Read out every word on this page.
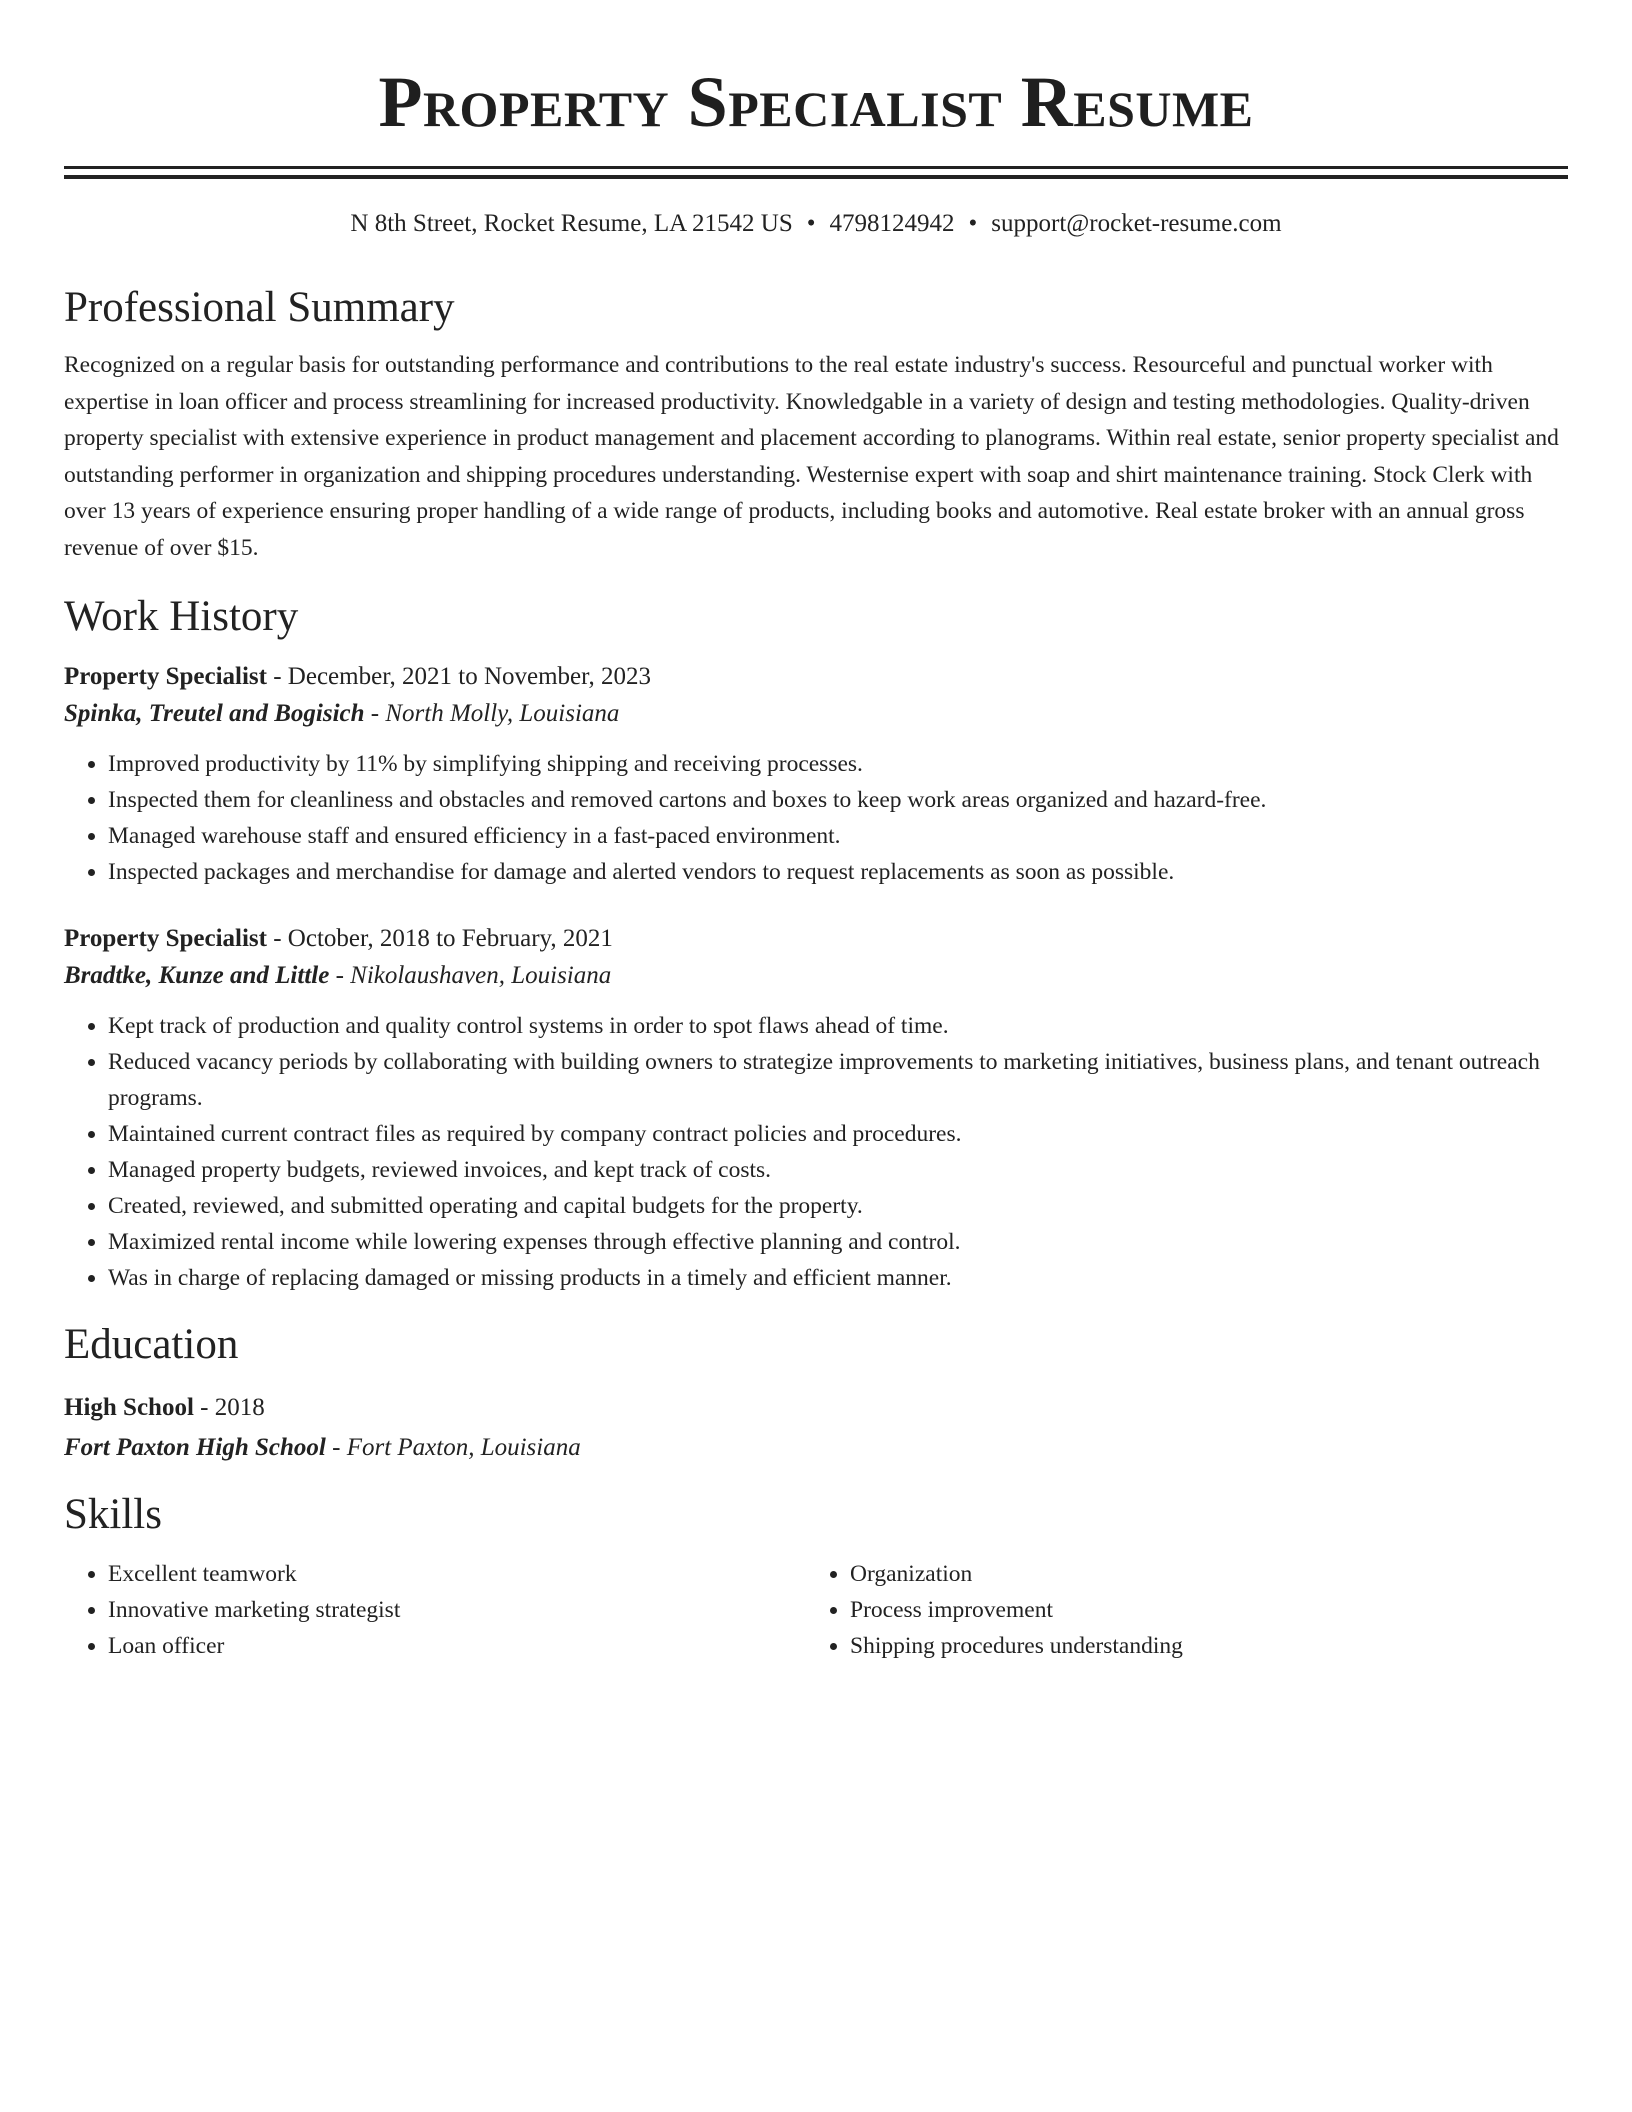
Property Specialist Resume
N 8th Street, Rocket Resume, LA 21542 US • 4798124942 • support@rocket-resume.com
Professional Summary

Recognized on a regular basis for outstanding performance and contributions to the real estate industry's success. Resourceful and punctual worker with expertise in loan officer and process streamlining for increased productivity. Knowledgable in a variety of design and testing methodologies. Quality-driven property specialist with extensive experience in product management and placement according to planograms. Within real estate, senior property specialist and outstanding performer in organization and shipping procedures understanding. Westernise expert with soap and shirt maintenance training. Stock Clerk with over 13 years of experience ensuring proper handling of a wide range of products, including books and automotive. Real estate broker with an annual gross revenue of over $15.

Work History
Property Specialist - December, 2021 to November, 2023
Spinka, Treutel and Bogisich - North Molly, Louisiana
• Improved productivity by 11% by simplifying shipping and receiving processes.
• Inspected them for cleanliness and obstacles and removed cartons and boxes to keep work areas organized and hazard-free.
• Managed warehouse staff and ensured efficiency in a fast-paced environment.
• Inspected packages and merchandise for damage and alerted vendors to request replacements as soon as possible.
Property Specialist - October, 2018 to February, 2021
Bradtke, Kunze and Little - Nikolaushaven, Louisiana
• Kept track of production and quality control systems in order to spot flaws ahead of time.
• Reduced vacancy periods by collaborating with building owners to strategize improvements to marketing initiatives, business plans, and tenant outreach programs.
• Maintained current contract files as required by company contract policies and procedures.
• Managed property budgets, reviewed invoices, and kept track of costs.
• Created, reviewed, and submitted operating and capital budgets for the property.
• Maximized rental income while lowering expenses through effective planning and control.
• Was in charge of replacing damaged or missing products in a timely and efficient manner.
Education
High School - 2018
Fort Paxton High School - Fort Paxton, Louisiana
Skills
• Excellent teamwork
• Innovative marketing strategist
• Loan officer
• Organization
• Process improvement
• Shipping procedures understanding
